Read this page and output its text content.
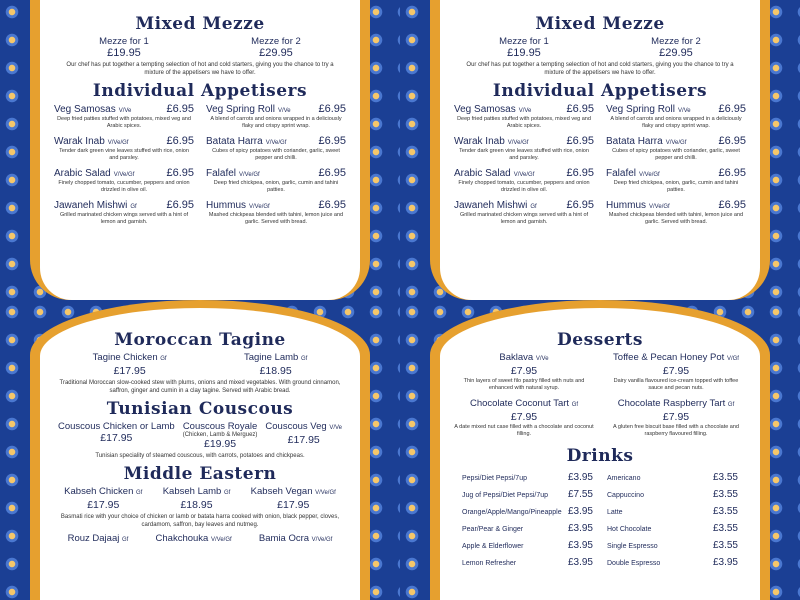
Mixed Mezze
Mezze for 1
£19.95
Mezze for 2
£29.95
Our chef has put together a tempting selection of hot and cold starters, giving you the chance to try a mixture of the appetisers we have to offer.
Individual Appetisers
Veg Samosas V/Ve	£6.95
Deep fried patties stuffed with potatoes, mixed veg and Arabic spices.
Veg Spring Roll V/Ve	£6.95
A blend of carrots and onions wrapped in a deliciously flaky and crispy sprint wrap.
Warak Inab V/Ve/Gf	£6.95
Tender dark green vine leaves stuffed with rice, onion and parsley.
Batata Harra V/Ve/Gf	£6.95
Cubes of spicy potatoes with coriander, garlic, sweet pepper and chilli.
Arabic Salad V/Ve/Gf	£6.95
Finely chopped tomato, cucumber, peppers and onion drizzled in olive oil.
Falafel V/Ve/Gf	£6.95
Deep fried chickpea, onion, garlic, cumin and tahini patties.
Jawaneh Mishwi Gf	£6.95
Grilled marinated chicken wings served with a hint of lemon and garnish.
Hummus V/Ve/Gf	£6.95
Mashed chickpeas blended with tahini, lemon juice and garlic. Served with bread.
Mixed Mezze
Mezze for 1
£19.95
Mezze for 2
£29.95
Our chef has put together a tempting selection of hot and cold starters, giving you the chance to try a mixture of the appetisers we have to offer.
Individual Appetisers
Veg Samosas V/Ve	£6.95
Deep fried patties stuffed with potatoes, mixed veg and Arabic spices.
Veg Spring Roll V/Ve	£6.95
A blend of carrots and onions wrapped in a deliciously flaky and crispy sprint wrap.
Warak Inab V/Ve/Gf	£6.95
Tender dark green vine leaves stuffed with rice, onion and parsley.
Batata Harra V/Ve/Gf	£6.95
Cubes of spicy potatoes with coriander, garlic, sweet pepper and chilli.
Arabic Salad V/Ve/Gf	£6.95
Finely chopped tomato, cucumber, peppers and onion drizzled in olive oil.
Falafel V/Ve/Gf	£6.95
Deep fried chickpea, onion, garlic, cumin and tahini patties.
Jawaneh Mishwi Gf	£6.95
Grilled marinated chicken wings served with a hint of lemon and garnish.
Hummus V/Ve/Gf	£6.95
Mashed chickpeas blended with tahini, lemon juice and garlic. Served with bread.
Moroccan Tagine
Tagine Chicken Gf
£17.95
Tagine Lamb Gf
£18.95
Traditional Moroccan slow-cooked stew with plums, onions and mixed vegetables. With ground cinnamon, saffron, ginger and cumin in a clay tagine. Served with Arabic bread.
Tunisian Couscous
Couscous Chicken or Lamb
£17.95
Couscous Royale
(Chicken, Lamb & Merguez)
£19.95
Couscous Veg V/Ve
£17.95
Tunisian speciality of steamed couscous, with carrots, potatoes and chickpeas.
Middle Eastern
Kabseh Chicken Gf
£17.95
Kabseh Lamb Gf
£18.95
Kabseh Vegan V/Ve/Gf
£17.95
Basmati rice with your choice of chicken or lamb or batata harra cooked with onion, black pepper, cloves, cardamom, saffron, bay leaves and nutmeg.
Rouz Dajaaj Gf	Chakchouka V/Ve/Gf	Bamia Ocra V/Ve/Gf
Desserts
Baklava V/Ve
£7.95
Thin layers of sweet filo pastry filled with nuts and enhanced with natural syrup.
Toffee & Pecan Honey Pot V/Gf
£7.95
Dairy vanilla flavoured ice-cream topped with toffee sauce and pecan nuts.
Chocolate Coconut Tart Gf
£7.95
A date mixed nut case filled with a chocolate and coconut filling.
Chocolate Raspberry Tart Gf
£7.95
A gluten free biscuit base filled with a chocolate and raspberry flavoured filling.
Drinks
Pepsi/Diet Pepsi/7up	£3.95 Americano	£3.55
Jug of Pepsi/Diet Pepsi/7up £7.55 Cappuccino	£3.55
Orange/Apple/Mango/Pineapple £3.95 Latte	£3.55
Pear/Pear & Ginger	£3.95 Hot Chocolate	£3.55
Apple & Elderflower	£3.95 Single Espresso	£3.55
Lemon Refresher	£3.95 Double Espresso	£3.95
